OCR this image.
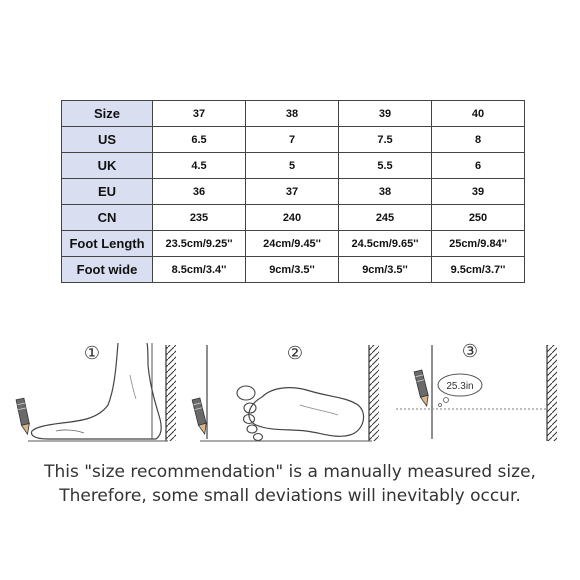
Size	37	38	39	40
US	6.5	7	7.5	8
UK	4.5	5	5.5	6
EU	36	37	38	39
CN	235	240	245	250
Foot Length	23.5cm/9.25''	24cm/9.45''	24.5cm/9.65''	25cm/9.84''
Foot wide	8.5cm/3.4''	9cm/3.5''	9cm/3.5''	9.5cm/3.7''
①	②	③
25.3in
This "size recommendation" is a manually measured size,
Therefore, some small deviations will inevitably occur.
